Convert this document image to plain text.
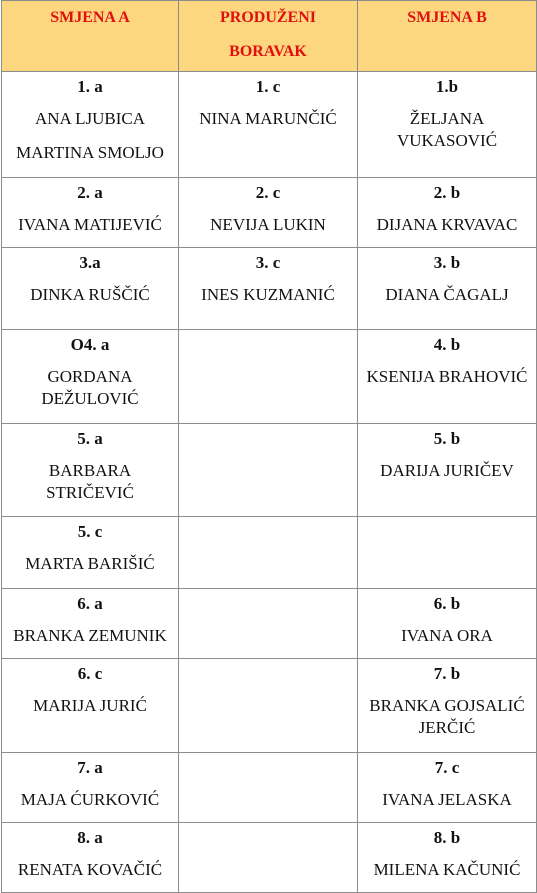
SMJENA A	PRODUŽENI BORAVAK	SMJENA B

1. a
ANA LJUBICA
MARTINA SMOLJO	1. c
NINA MARUNČIĆ	1.b
ŽELJANA VUKASOVIĆ

2. a
IVANA MATIJEVIĆ	2. c
NEVIJA LUKIN	2. b
DIJANA KRVAVAC

3.a
DINKA RUŠČIĆ	3. c
INES KUZMANIĆ	3. b
DIANA ČAGALJ

O4. a
GORDANA DEŽULOVIĆ		4. b
KSENIJA BRAHOVIĆ

5. a
BARBARA STRIČEVIĆ		5. b
DARIJA JURIČEV

5. c
MARTA BARIŠIĆ		

6. a
BRANKA ZEMUNIK		6. b
IVANA ORA

6. c
MARIJA JURIĆ		7. b
BRANKA GOJSALIĆ JERČIĆ

7. a
MAJA ĆURKOVIĆ		7. c
IVANA JELASKA

8. a
RENATA KOVAČIĆ		8. b
MILENA KAČUNIĆ
